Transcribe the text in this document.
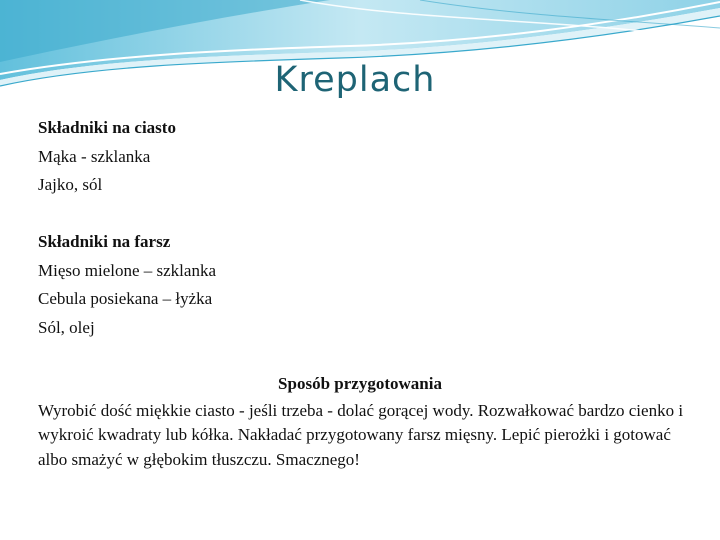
Kreplach

Składniki na ciasto

Mąka - szklanka

Jajko, sól

Składniki na farsz

Mięso mielone – szklanka

Cebula posiekana – łyżka

Sól, olej

Sposób przygotowania
Wyrobić dość miękkie ciasto - jeśli trzeba - dolać gorącej wody. Rozwałkować bardzo cienko i wykroić kwadraty lub kółka. Nakładać przygotowany farsz mięsny. Lepić pierożki i gotować albo smażyć w głębokim tłuszczu. Smacznego!
